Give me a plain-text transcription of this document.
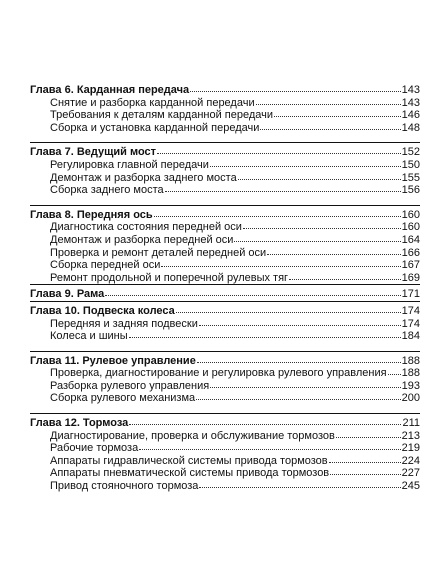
Глава 6. Карданная передача	143
Снятие и разборка карданной передачи	143
Требования к деталям карданной передачи	146
Сборка и установка карданной передачи	148
Глава 7. Ведущий мост	152
Регулировка главной передачи	150
Демонтаж и разборка заднего моста	155
Сборка заднего моста	156
Глава 8. Передняя ось	160
Диагностика состояния передней оси	160
Демонтаж и разборка передней оси	164
Проверка и ремонт деталей передней оси	166
Сборка передней оси	167
Ремонт продольной и поперечной рулевых тяг	169
Глава 9. Рама	171
Глава 10. Подвеска колеса	174
Передняя и задняя подвески	174
Колеса и шины	184
Глава 11. Рулевое управление	188
Проверка, диагностирование и регулировка рулевого управления 188
Разборка рулевого управления	193
Сборка рулевого механизма	200
Глава 12. Тормоза	211
Диагностирование, проверка и обслуживание тормозов	213
Рабочие тормоза	219
Аппараты гидравлической системы привода тормозов	224
Аппараты пневматической системы привода тормозов	227
Привод стояночного тормоза	245
